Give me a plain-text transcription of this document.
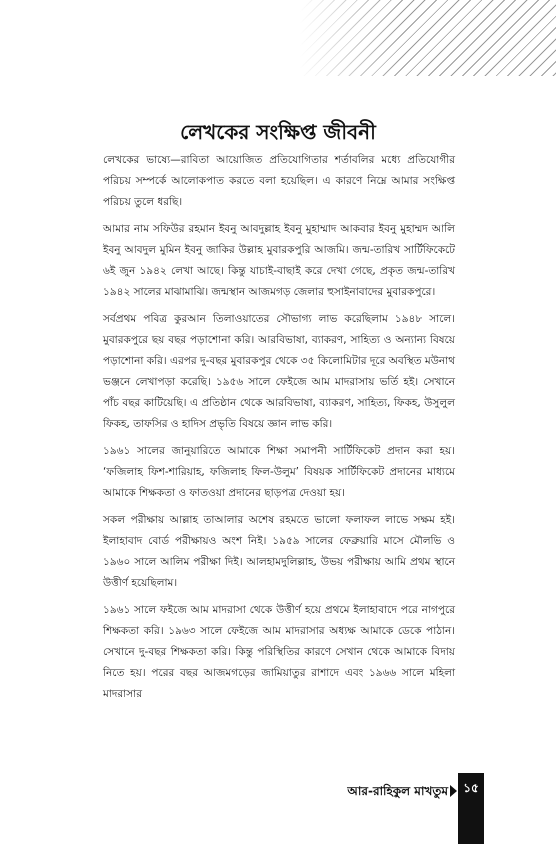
লেখকের সংক্ষিপ্ত জীবনী

লেখকের ভাষ্যে—রাবিতা আয়োজিত প্রতিযোগিতার শর্তাবলির মধ্যে প্রতিযোগীর পরিচয় সম্পর্কে আলোকপাত করতে বলা হয়েছিল। এ কারণে নিম্নে আমার সংক্ষিপ্ত পরিচয় তুলে ধরছি।

আমার নাম সফিউর রহমান ইবনু আবদুল্লাহ ইবনু মুহাম্মাদ আকবার ইবনু মুহাম্মদ আলি ইবনু আবদুল মুমিন ইবনু জাকির উল্লাহ মুবারকপুরি আজমি। জন্ম-তারিখ সার্টিফিকেটে ৬ই জুন ১৯৪২ লেখা আছে। কিন্তু যাচাই-বাছাই করে দেখা গেছে, প্রকৃত জন্ম-তারিখ ১৯৪২ সালের মাঝামাঝি। জন্মস্থান আজমগড় জেলার হুসাইনাবাদের মুবারকপুরে।

সর্বপ্রথম পবিত্র কুরআন তিলাওয়াতের সৌভাগ্য লাভ করেছিলাম ১৯৪৮ সালে। মুবারকপুরে ছয় বছর পড়াশোনা করি। আরবিভাষা, ব্যাকরণ, সাহিত্য ও অন্যান্য বিষয়ে পড়াশোনা করি। এরপর দু-বছর মুবারকপুর থেকে ৩৫ কিলোমিটার দূরে অবস্থিত মউনাথ ভঞ্জনে লেখাপড়া করেছি। ১৯৫৬ সালে ফেইজে আম মাদরাসায় ভর্তি হই। সেখানে পাঁচ বছর কাটিয়েছি। এ প্রতিষ্ঠান থেকে আরবিভাষা, ব্যাকরণ, সাহিত্য, ফিকহ, উসুলুল ফিকহ, তাফসির ও হাদিস প্রভৃতি বিষয়ে জ্ঞান লাভ করি।

১৯৬১ সালের জানুয়ারিতে আমাকে শিক্ষা সমাপনী সার্টিফিকেট প্রদান করা হয়। ‘ফজিলাহ ফিশ-শারিয়াহ, ফজিলাহ ফিল-উলুম’ বিষয়ক সার্টিফিকেট প্রদানের মাধ্যমে আমাকে শিক্ষকতা ও ফাতওয়া প্রদানের ছাড়পত্র দেওয়া হয়।

সকল পরীক্ষায় আল্লাহ তাআলার অশেষ রহমতে ভালো ফলাফল লাভে সক্ষম হই। ইলাহাবাদ বোর্ড পরীক্ষায়ও অংশ নিই। ১৯৫৯ সালের ফেব্রুয়ারি মাসে মৌলভি ও ১৯৬০ সালে আলিম পরীক্ষা দিই। আলহামদুলিল্লাহ, উভয় পরীক্ষায় আমি প্রথম স্থানে উত্তীর্ণ হয়েছিলাম।

১৯৬১ সালে ফইজে আম মাদরাসা থেকে উত্তীর্ণ হয়ে প্রথমে ইলাহাবাদে পরে নাগপুরে শিক্ষকতা করি। ১৯৬৩ সালে ফেইজে আম মাদরাসার অধ্যক্ষ আমাকে ডেকে পাঠান। সেখানে দু-বছর শিক্ষকতা করি। কিন্তু পরিস্থিতির কারণে সেখান থেকে আমাকে বিদায় নিতে হয়। পরের বছর আজমগড়ের জামিয়াতুর রাশাদে এবং ১৯৬৬ সালে মহিলা মাদরাসার

আর-রাহিকুল মাখতুম	১৫
